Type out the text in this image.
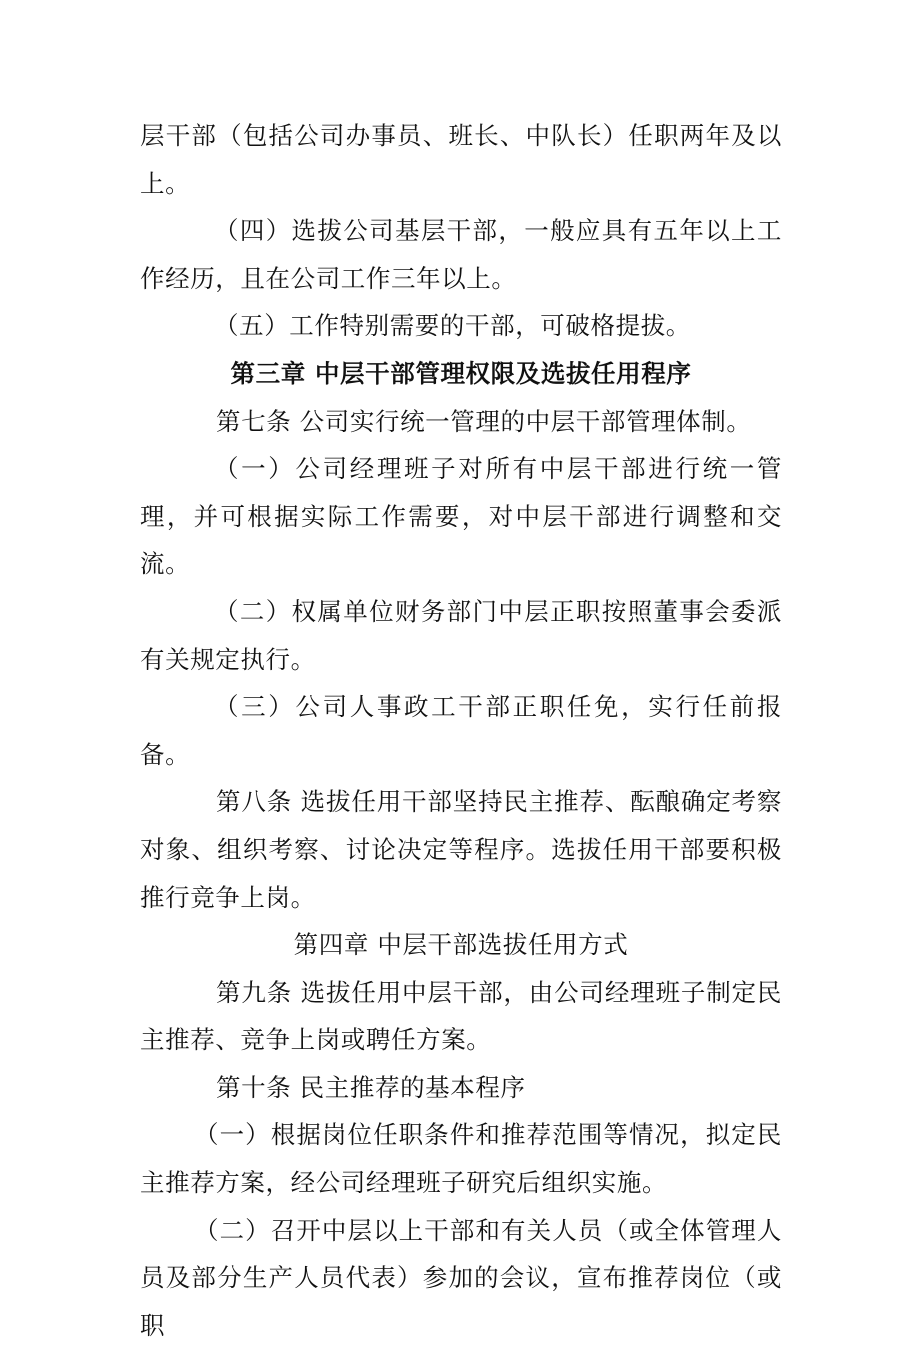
层干部（包括公司办事员、班长、中队长）任职两年及以上。

（四）选拔公司基层干部，一般应具有五年以上工作经历，且在公司工作三年以上。

（五）工作特别需要的干部，可破格提拔。

第三章 中层干部管理权限及选拔任用程序

第七条 公司实行统一管理的中层干部管理体制。

（一）公司经理班子对所有中层干部进行统一管理，并可根据实际工作需要，对中层干部进行调整和交流。

（二）权属单位财务部门中层正职按照董事会委派有关规定执行。

（三）公司人事政工干部正职任免，实行任前报备。

第八条 选拔任用干部坚持民主推荐、酝酿确定考察对象、组织考察、讨论决定等程序。选拔任用干部要积极推行竞争上岗。

第四章 中层干部选拔任用方式

第九条 选拔任用中层干部，由公司经理班子制定民主推荐、竞争上岗或聘任方案。

第十条 民主推荐的基本程序

（一）根据岗位任职条件和推荐范围等情况，拟定民主推荐方案，经公司经理班子研究后组织实施。

（二）召开中层以上干部和有关人员（或全体管理人员及部分生产人员代表）参加的会议，宣布推荐岗位（或职
